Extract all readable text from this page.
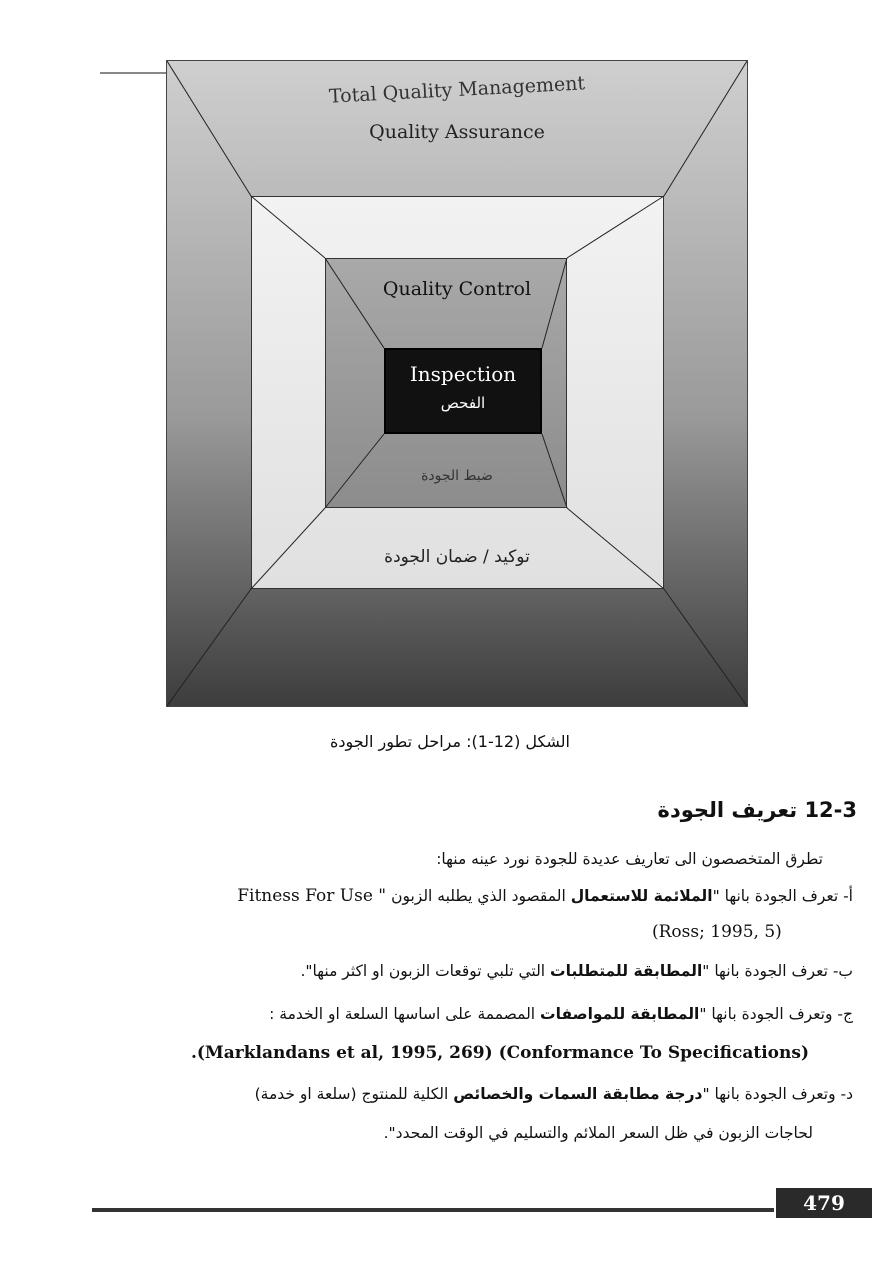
Total Quality Management
Quality Assurance
توكيد / ضمان الجودة
Quality Control
ضبط الجودة
Inspection
الفحص
الشكل (12-1): مراحل تطور الجودة
12-3 تعريف الجودة
تطرق المتخصصون الى تعاريف عديدة للجودة نورد عينه منها:
أ- تعرف الجودة بانها "الملائمة للاستعمال المقصود الذي يطلبه الزبون Fitness For Use "
(Ross; 1995, 5)
ب- تعرف الجودة بانها "المطابقة للمتطلبات التي تلبي توقعات الزبون او اكثر منها".
ج- وتعرف الجودة بانها "المطابقة للمواصفات المصممة على اساسها السلعة او الخدمة :
.(Marklandans et al, 1995, 269) (Conformance To Specifications)
د- وتعرف الجودة بانها "درجة مطابقة السمات والخصائص الكلية للمنتوج (سلعة او خدمة)
لحاجات الزبون في ظل السعر الملائم والتسليم في الوقت المحدد".
479
